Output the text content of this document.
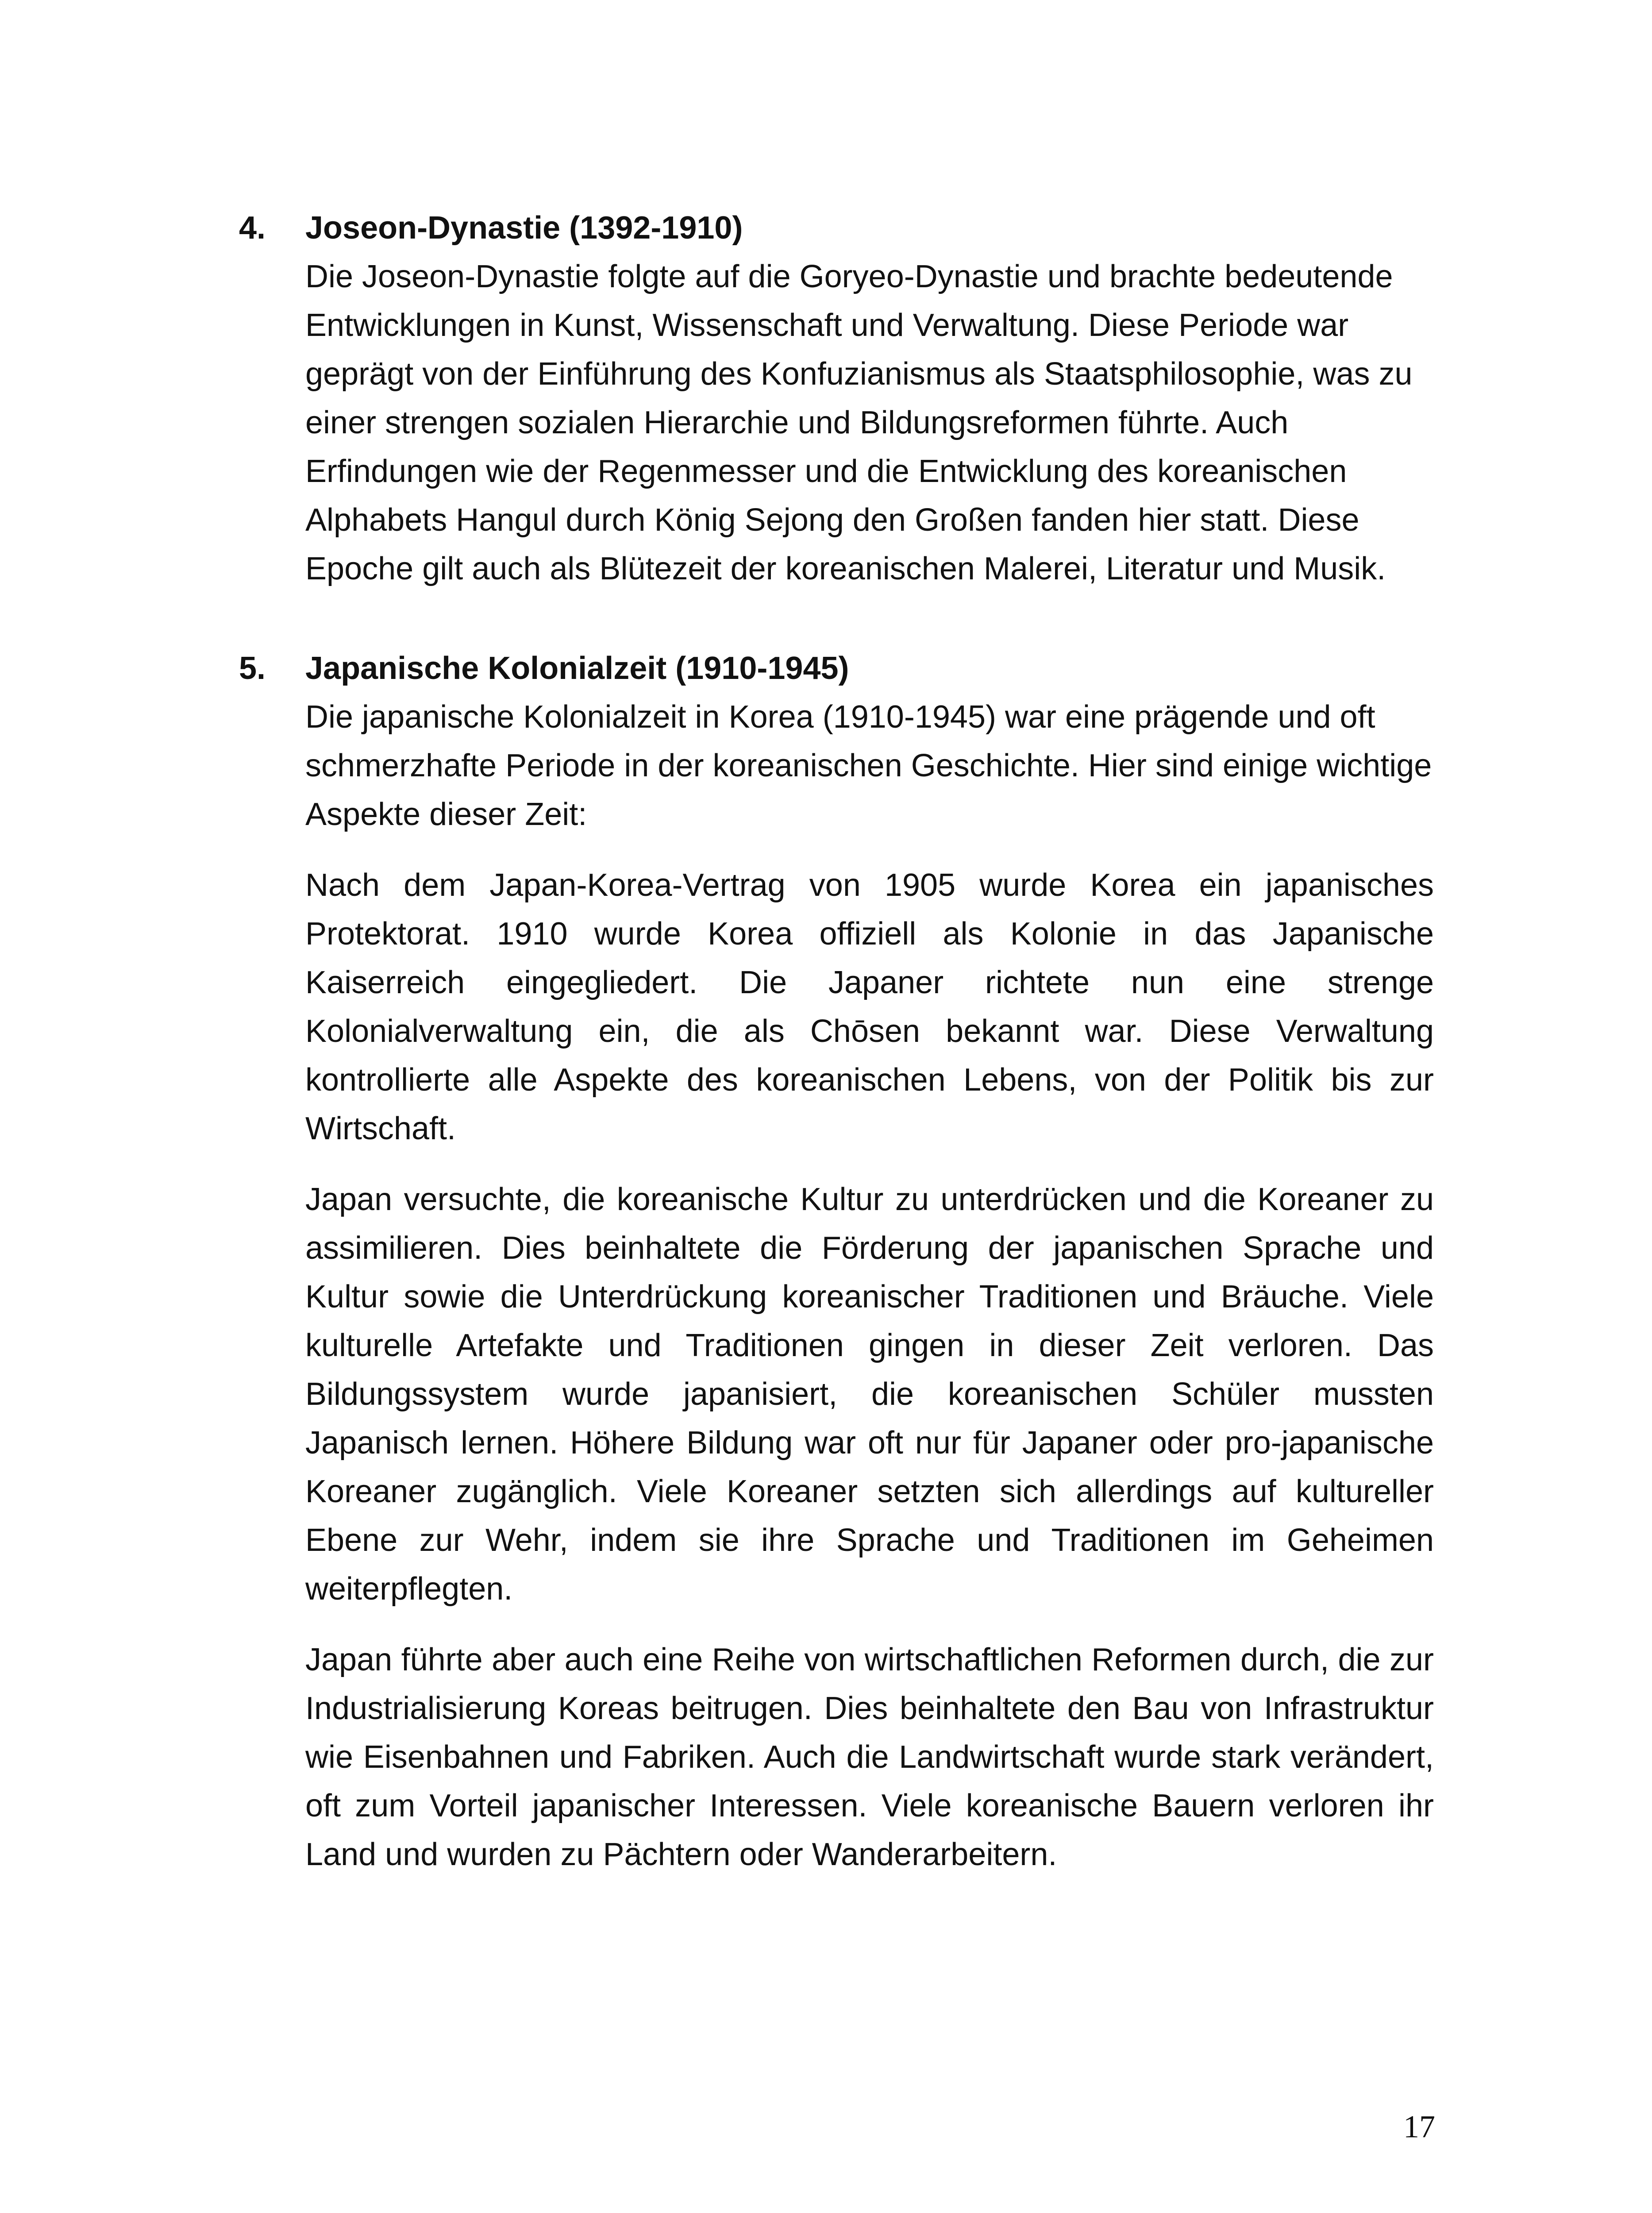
4.	Joseon-Dynastie (1392-1910)

Die Joseon-Dynastie folgte auf die Goryeo-Dynastie und brachte bedeutende Entwicklungen in Kunst, Wissenschaft und Verwaltung. Diese Periode war geprägt von der Einführung des Konfuzianismus als Staatsphilosophie, was zu einer strengen sozialen Hierarchie und Bildungsreformen führte. Auch Erfindungen wie der Regenmesser und die Entwicklung des koreanischen Alphabets Hangul durch König Sejong den Großen fanden hier statt. Diese Epoche gilt auch als Blütezeit der koreanischen Malerei, Literatur und Musik.

5.	Japanische Kolonialzeit (1910-1945)

Die japanische Kolonialzeit in Korea (1910-1945) war eine prägende und oft schmerzhafte Periode in der koreanischen Geschichte. Hier sind einige wichtige Aspekte dieser Zeit:

Nach dem Japan-Korea-Vertrag von 1905 wurde Korea ein japanisches Protektorat. 1910 wurde Korea offiziell als Kolonie in das Japanische Kaiserreich eingegliedert. Die Japaner richtete nun eine strenge Kolonialverwaltung ein, die als Chōsen bekannt war. Diese Verwaltung kontrollierte alle Aspekte des koreanischen Lebens, von der Politik bis zur Wirtschaft.

Japan versuchte, die koreanische Kultur zu unterdrücken und die Koreaner zu assimilieren. Dies beinhaltete die Förderung der japanischen Sprache und Kultur sowie die Unterdrückung koreanischer Traditionen und Bräuche. Viele kulturelle Artefakte und Traditionen gingen in dieser Zeit verloren. Das Bildungssystem wurde japanisiert, die koreanischen Schüler mussten Japanisch lernen. Höhere Bildung war oft nur für Japaner oder pro-japanische Koreaner zugänglich. Viele Koreaner setzten sich allerdings auf kultureller Ebene zur Wehr, indem sie ihre Sprache und Traditionen im Geheimen weiterpflegten.

Japan führte aber auch eine Reihe von wirtschaftlichen Reformen durch, die zur Industrialisierung Koreas beitrugen. Dies beinhaltete den Bau von Infrastruktur wie Eisenbahnen und Fabriken. Auch die Landwirtschaft wurde stark verändert, oft zum Vorteil japanischer Interessen. Viele koreanische Bauern verloren ihr Land und wurden zu Pächtern oder Wanderarbeitern.

17
